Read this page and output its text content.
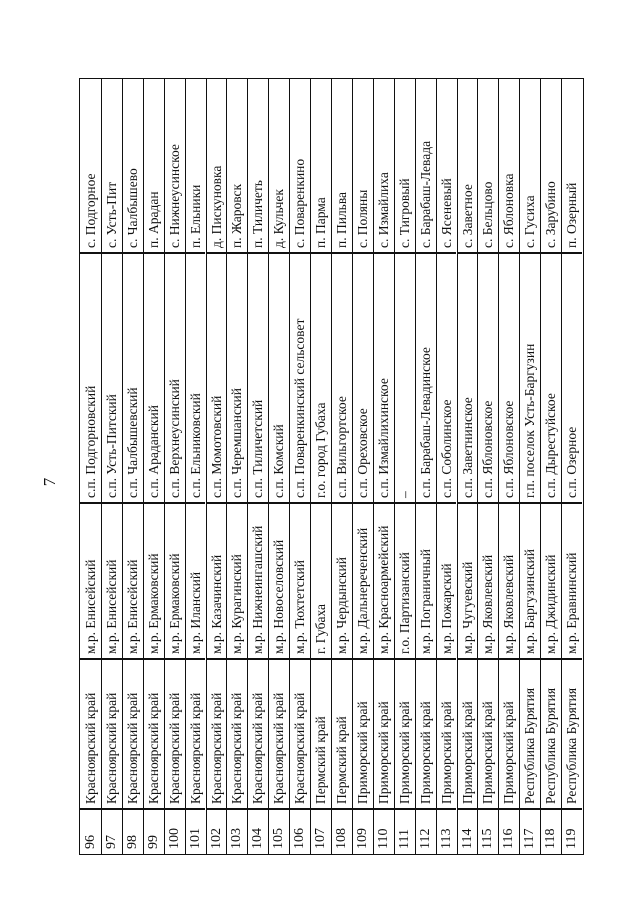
7
96
Красноярский край
м.р. Енисейский
с.п. Подгорновский
с. Подгорное
97
Красноярский край
м.р. Енисейский
с.п. Усть-Питский
с. Усть-Пит
98
Красноярский край
м.р. Енисейский
с.п. Чалбышевский
с. Чалбышево
99
Красноярский край
м.р. Ермаковский
с.п. Араданский
п. Арадан
100
Красноярский край
м.р. Ермаковский
с.п. Верхнеусинский
с. Нижнеусинское
101
Красноярский край
м.р. Иланский
с.п. Ельниковский
п. Ельники
102
Красноярский край
м.р. Казачинский
с.п. Момотовский
д. Пискуновка
103
Красноярский край
м.р. Курагинский
с.п. Черемшанский
п. Жаровск
104
Красноярский край
м.р. Нижнеингашский
с.п. Тиличетский
п. Тиличеть
105
Красноярский край
м.р. Новоселовский
с.п. Комский
д. Кульчек
106
Красноярский край
м.р. Тюхтетский
с.п. Поваренкинский сельсовет
с. Поваренкино
107
Пермский край
г. Губаха
г.о. город Губаха
п. Парма
108
Пермский край
м.р. Чердынский
с.п. Вильгортское
п. Пильва
109
Приморский край
м.р. Дальнереченский
с.п. Ореховское
с. Поляны
110
Приморский край
м.р. Красноармейский
с.п. Измайлихинское
с. Измайлиха
111
Приморский край
г.о. Партизанский
–
с. Тигровый
112
Приморский край
м.р. Пограничный
с.п. Барабаш-Левадинское
с. Барабаш-Левада
113
Приморский край
м.р. Пожарский
с.п. Соболинское
с. Ясеневый
114
Приморский край
м.р. Чугуевский
с.п. Заветнинское
с. Заветное
115
Приморский край
м.р. Яковлевский
с.п. Яблоновское
с. Бельцово
116
Приморский край
м.р. Яковлевский
с.п. Яблоновское
с. Яблоновка
117
Республика Бурятия
м.р. Баргузинский
г.п. поселок Усть-Баргузин
с. Гусиха
118
Республика Бурятия
м.р. Джидинский
с.п. Дыреcтуйское
с. Зарубино
119
Республика Бурятия
м.р. Еравнинский
с.п. Озерное
п. Озерный
